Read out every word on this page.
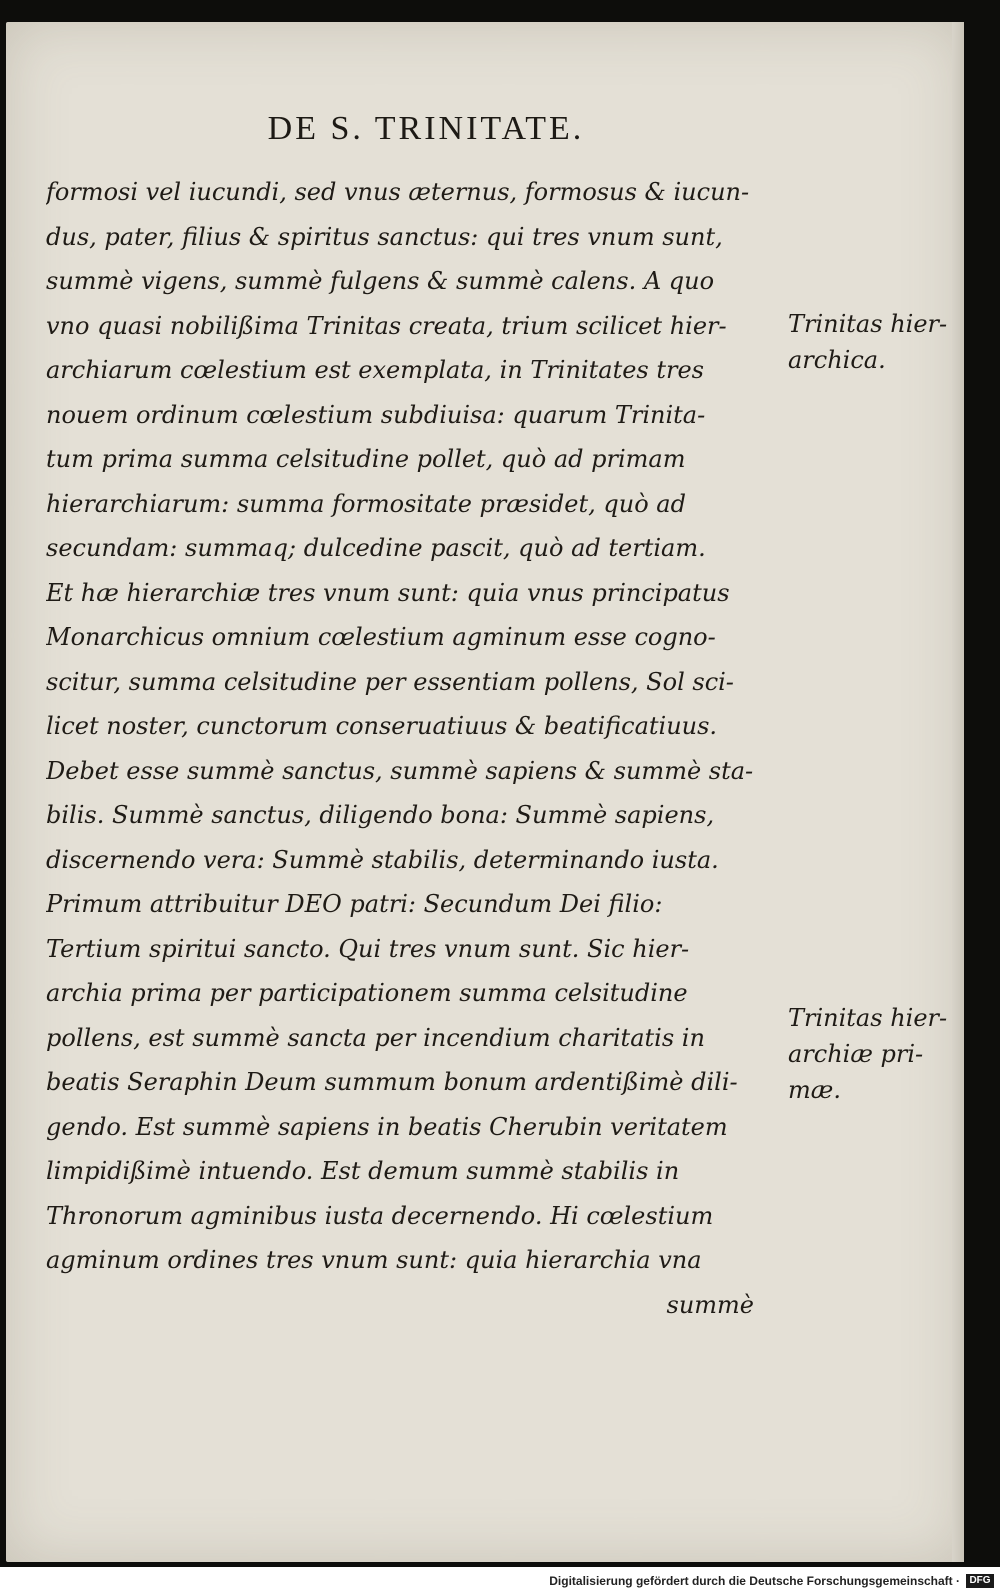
DE S. TRINITATE.
formosi vel iucundi, sed vnus æternus, formosus & iucun-
dus, pater, filius & spiritus sanctus: qui tres vnum sunt,
summè vigens, summè fulgens & summè calens. A quo
vno quasi nobilißima Trinitas creata, trium scilicet hier-
archiarum cœlestium est exemplata, in Trinitates tres
nouem ordinum cœlestium subdiuisa: quarum Trinita-
tum prima summa celsitudine pollet, quò ad primam
hierarchiarum: summa formositate præsidet, quò ad
secundam: summaq; dulcedine pascit, quò ad tertiam.
Et hæ hierarchiæ tres vnum sunt: quia vnus principatus
Monarchicus omnium cœlestium agminum esse cogno-
scitur, summa celsitudine per essentiam pollens, Sol sci-
licet noster, cunctorum conseruatiuus & beatificatiuus.
Debet esse summè sanctus, summè sapiens & summè sta-
bilis. Summè sanctus, diligendo bona: Summè sapiens,
discernendo vera: Summè stabilis, determinando iusta.
Primum attribuitur DEO patri: Secundum Dei filio:
Tertium spiritui sancto. Qui tres vnum sunt. Sic hier-
archia prima per participationem summa celsitudine
pollens, est summè sancta per incendium charitatis in
beatis Seraphin Deum summum bonum ardentißimè dili-
gendo. Est summè sapiens in beatis Cherubin veritatem
limpidißimè intuendo. Est demum summè stabilis in
Thronorum agminibus iusta decernendo. Hi cœlestium
agminum ordines tres vnum sunt: quia hierarchia vna
summè
Trinitas hier-
archica.
Trinitas hier-
archiæ pri-
mæ.
Digitalisierung gefördert durch die Deutsche Forschungsgemeinschaft · DFG
